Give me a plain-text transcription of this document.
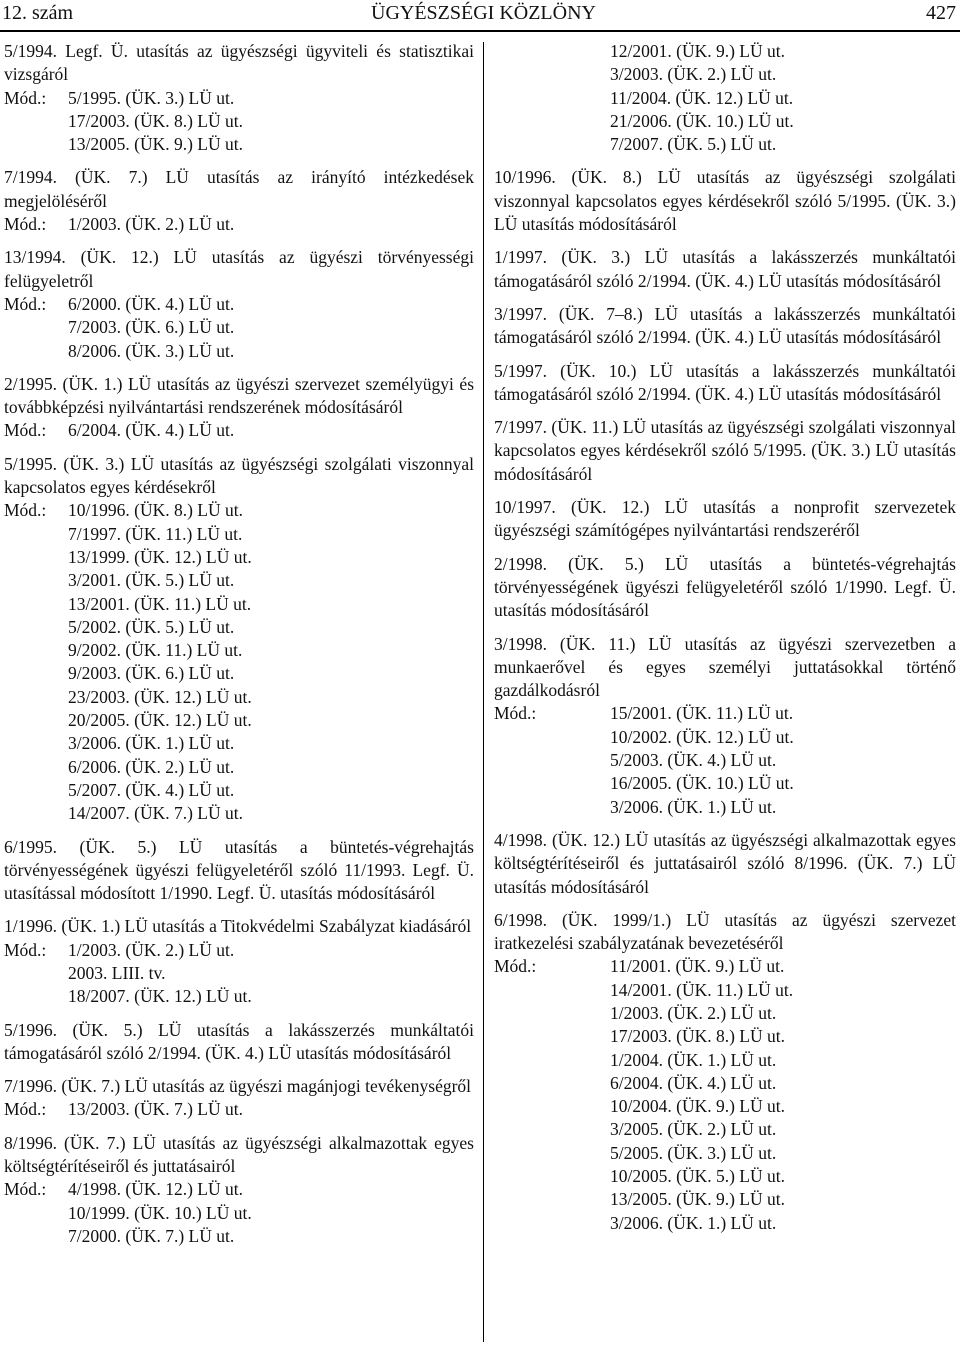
12. szám	ÜGYÉSZSÉGI KÖZLÖNY	427
5/1994. Legf. Ü. utasítás az ügyészségi ügyviteli és statisztikai vizsgáról
Mód.:	5/1995. (ÜK. 3.) LÜ ut.
17/2003. (ÜK. 8.) LÜ ut.
13/2005. (ÜK. 9.) LÜ ut.
7/1994. (ÜK. 7.) LÜ utasítás az irányító intézkedések megjelöléséről
Mód.:	1/2003. (ÜK. 2.) LÜ ut.
13/1994. (ÜK. 12.) LÜ utasítás az ügyészi törvényességi felügyeletről
Mód.:	6/2000. (ÜK. 4.) LÜ ut.
7/2003. (ÜK. 6.) LÜ ut.
8/2006. (ÜK. 3.) LÜ ut.
2/1995. (ÜK. 1.) LÜ utasítás az ügyészi szervezet személyügyi és továbbképzési nyilvántartási rendszerének módosításáról
Mód.:	6/2004. (ÜK. 4.) LÜ ut.
5/1995. (ÜK. 3.) LÜ utasítás az ügyészségi szolgálati viszonnyal kapcsolatos egyes kérdésekről
Mód.:	10/1996. (ÜK. 8.) LÜ ut.
7/1997. (ÜK. 11.) LÜ ut.
13/1999. (ÜK. 12.) LÜ ut.
3/2001. (ÜK. 5.) LÜ ut.
13/2001. (ÜK. 11.) LÜ ut.
5/2002. (ÜK. 5.) LÜ ut.
9/2002. (ÜK. 11.) LÜ ut.
9/2003. (ÜK. 6.) LÜ ut.
23/2003. (ÜK. 12.) LÜ ut.
20/2005. (ÜK. 12.) LÜ ut.
3/2006. (ÜK. 1.) LÜ ut.
6/2006. (ÜK. 2.) LÜ ut.
5/2007. (ÜK. 4.) LÜ ut.
14/2007. (ÜK. 7.) LÜ ut.
6/1995. (ÜK. 5.) LÜ utasítás a büntetés-végrehajtás törvényességének ügyészi felügyeletéről szóló 11/1993. Legf. Ü. utasítással módosított 1/1990. Legf. Ü. utasítás módosításáról
1/1996. (ÜK. 1.) LÜ utasítás a Titokvédelmi Szabályzat kiadásáról
Mód.:	1/2003. (ÜK. 2.) LÜ ut.
2003. LIII. tv.
18/2007. (ÜK. 12.) LÜ ut.
5/1996. (ÜK. 5.) LÜ utasítás a lakásszerzés munkáltatói támogatásáról szóló 2/1994. (ÜK. 4.) LÜ utasítás módosításáról
7/1996. (ÜK. 7.) LÜ utasítás az ügyészi magánjogi tevékenységről
Mód.:	13/2003. (ÜK. 7.) LÜ ut.
8/1996. (ÜK. 7.) LÜ utasítás az ügyészségi alkalmazottak egyes költségtérítéseiről és juttatásairól
Mód.:	4/1998. (ÜK. 12.) LÜ ut.
10/1999. (ÜK. 10.) LÜ ut.
7/2000. (ÜK. 7.) LÜ ut.
12/2001. (ÜK. 9.) LÜ ut.
3/2003. (ÜK. 2.) LÜ ut.
11/2004. (ÜK. 12.) LÜ ut.
21/2006. (ÜK. 10.) LÜ ut.
7/2007. (ÜK. 5.) LÜ ut.
10/1996. (ÜK. 8.) LÜ utasítás az ügyészségi szolgálati viszonnyal kapcsolatos egyes kérdésekről szóló 5/1995. (ÜK. 3.) LÜ utasítás módosításáról
1/1997. (ÜK. 3.) LÜ utasítás a lakásszerzés munkáltatói támogatásáról szóló 2/1994. (ÜK. 4.) LÜ utasítás módosításáról
3/1997. (ÜK. 7–8.) LÜ utasítás a lakásszerzés munkáltatói támogatásáról szóló 2/1994. (ÜK. 4.) LÜ utasítás módosításáról
5/1997. (ÜK. 10.) LÜ utasítás a lakásszerzés munkáltatói támogatásáról szóló 2/1994. (ÜK. 4.) LÜ utasítás módosításáról
7/1997. (ÜK. 11.) LÜ utasítás az ügyészségi szolgálati viszonnyal kapcsolatos egyes kérdésekről szóló 5/1995. (ÜK. 3.) LÜ utasítás módosításáról
10/1997. (ÜK. 12.) LÜ utasítás a nonprofit szervezetek ügyészségi számítógépes nyilvántartási rendszeréről
2/1998. (ÜK. 5.) LÜ utasítás a büntetés-végrehajtás törvényességének ügyészi felügyeletéről szóló 1/1990. Legf. Ü. utasítás módosításáról
3/1998. (ÜK. 11.) LÜ utasítás az ügyészi szervezetben a munkaerővel és egyes személyi juttatásokkal történő gazdálkodásról
Mód.:	15/2001. (ÜK. 11.) LÜ ut.
10/2002. (ÜK. 12.) LÜ ut.
5/2003. (ÜK. 4.) LÜ ut.
16/2005. (ÜK. 10.) LÜ ut.
3/2006. (ÜK. 1.) LÜ ut.
4/1998. (ÜK. 12.) LÜ utasítás az ügyészségi alkalmazottak egyes költségtérítéseiről és juttatásairól szóló 8/1996. (ÜK. 7.) LÜ utasítás módosításáról
6/1998. (ÜK. 1999/1.) LÜ utasítás az ügyészi szervezet iratkezelési szabályzatának bevezetéséről
Mód.:	11/2001. (ÜK. 9.) LÜ ut.
14/2001. (ÜK. 11.) LÜ ut.
1/2003. (ÜK. 2.) LÜ ut.
17/2003. (ÜK. 8.) LÜ ut.
1/2004. (ÜK. 1.) LÜ ut.
6/2004. (ÜK. 4.) LÜ ut.
10/2004. (ÜK. 9.) LÜ ut.
3/2005. (ÜK. 2.) LÜ ut.
5/2005. (ÜK. 3.) LÜ ut.
10/2005. (ÜK. 5.) LÜ ut.
13/2005. (ÜK. 9.) LÜ ut.
3/2006. (ÜK. 1.) LÜ ut.
